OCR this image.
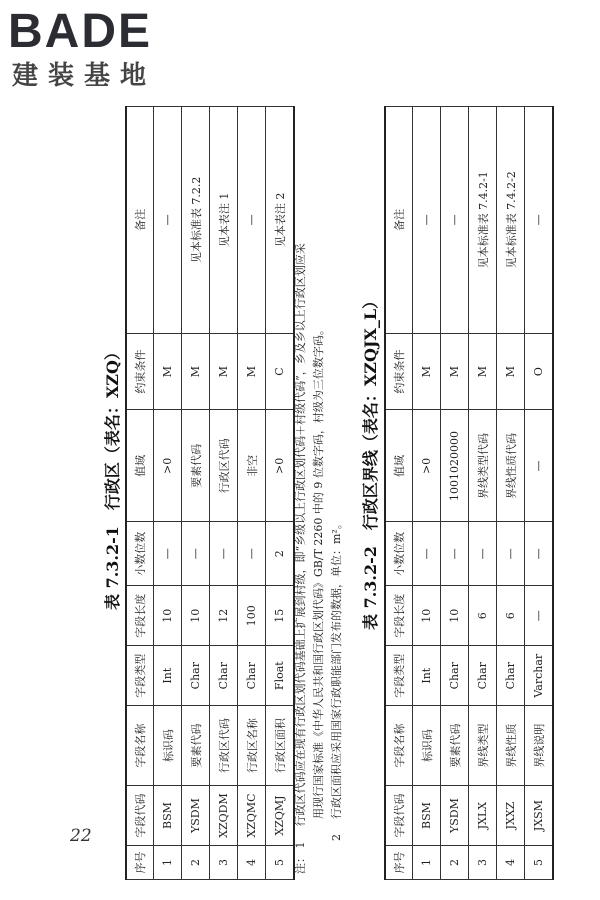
BADE
建装基地
22
表 7.3.2-1　行政区（表名：XZQ）
序号	字段代码	字段名称	字段类型	字段长度	小数位数	值域	约束条件	备注
1	BSM	标识码	Int	10	—	>0	M	—
2	YSDM	要素代码	Char	10	—	要素代码	M	见本标准表 7.2.2
3	XZQDM	行政区代码	Char	12	—	行政区代码	M	见本表注 1
4	XZQMC	行政区名称	Char	100	—	非空	M	—
5	XZQMJ	行政区面积	Float	15	2	>0	C	见本表注 2
注： 1行政区代码应在现有行政区划代码基础上扩展到村级，即“乡级以上行政区划代码＋村级代码”，乡及乡以上行政区划应采 用现行国家标准《中华人民共和国行政区划代码》GB/T 2260 中的 9 位数字码，村级为三位数字码。
2行政区面积应采用国家行政职能部门发布的数据，单位：m²。
表 7.3.2-2　行政区界线（表名：XZQJX_L）
序号	字段代码	字段名称	字段类型	字段长度	小数位数	值域	约束条件	备注
1	BSM	标识码	Int	10	—	>0	M	—
2	YSDM	要素代码	Char	10	—	1001020000	M	—
3	JXLX	界线类型	Char	6	—	界线类型代码	M	见本标准表 7.4.2-1
4	JXXZ	界线性质	Char	6	—	界线性质代码	M	见本标准表 7.4.2-2
5	JXSM	界线说明	Varchar	—	—	—	O	—
